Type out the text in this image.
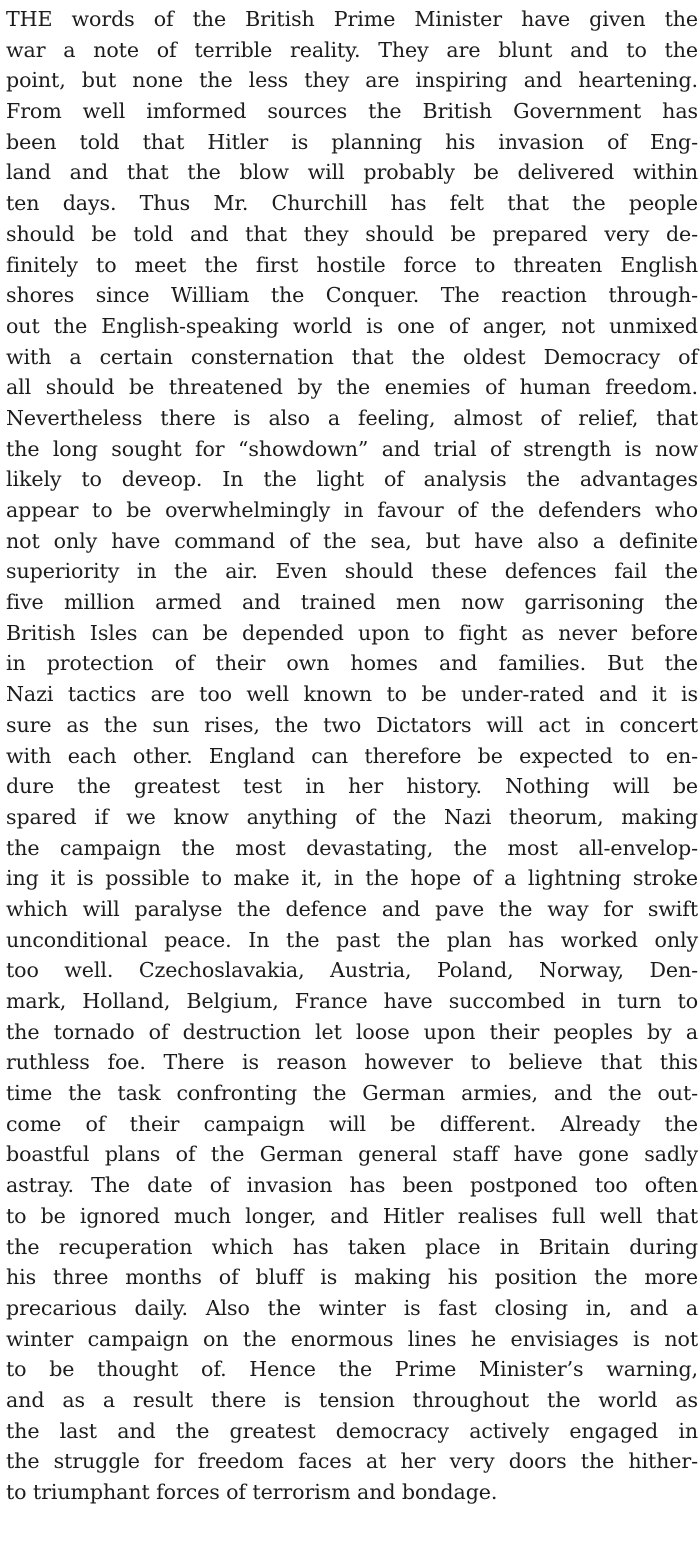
THE words of the British Prime Minister have given the
war a note of terrible reality. They are blunt and to the
point, but none the less they are inspiring and heartening.
From well imformed sources the British Government has
been told that Hitler is planning his invasion of Eng-
land and that the blow will probably be delivered within
ten days. Thus Mr. Churchill has felt that the people
should be told and that they should be prepared very de-
finitely to meet the first hostile force to threaten English
shores since William the Conquer. The reaction through-
out the English-speaking world is one of anger, not unmixed
with a certain consternation that the oldest Democracy of
all should be threatened by the enemies of human freedom.
Nevertheless there is also a feeling, almost of relief, that
the long sought for “showdown” and trial of strength is now
likely to deveop. In the light of analysis the advantages
appear to be overwhelmingly in favour of the defenders who
not only have command of the sea, but have also a definite
superiority in the air. Even should these defences fail the
five million armed and trained men now garrisoning the
British Isles can be depended upon to fight as never before
in protection of their own homes and families. But the
Nazi tactics are too well known to be under-rated and it is
sure as the sun rises, the two Dictators will act in concert
with each other. England can therefore be expected to en-
dure the greatest test in her history. Nothing will be
spared if we know anything of the Nazi theorum, making
the campaign the most devastating, the most all-envelop-
ing it is possible to make it, in the hope of a lightning stroke
which will paralyse the defence and pave the way for swift
unconditional peace. In the past the plan has worked only
too well. Czechoslavakia, Austria, Poland, Norway, Den-
mark, Holland, Belgium, France have succombed in turn to
the tornado of destruction let loose upon their peoples by a
ruthless foe. There is reason however to believe that this
time the task confronting the German armies, and the out-
come of their campaign will be different. Already the
boastful plans of the German general staff have gone sadly
astray. The date of invasion has been postponed too often
to be ignored much longer, and Hitler realises full well that
the recuperation which has taken place in Britain during
his three months of bluff is making his position the more
precarious daily. Also the winter is fast closing in, and a
winter campaign on the enormous lines he envisiages is not
to be thought of. Hence the Prime Minister’s warning,
and as a result there is tension throughout the world as
the last and the greatest democracy actively engaged in
the struggle for freedom faces at her very doors the hither-
to triumphant forces of terrorism and bondage.
